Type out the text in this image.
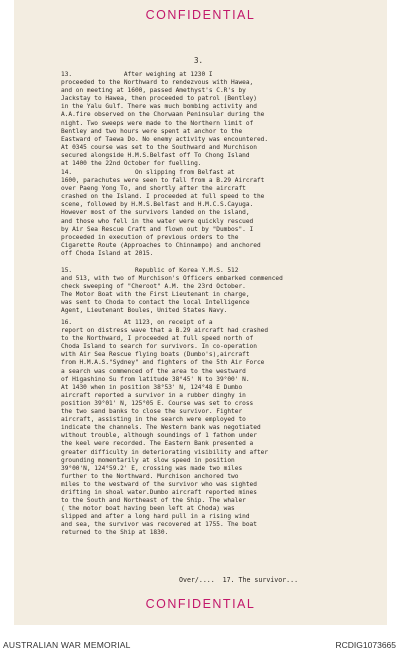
CONFIDENTIAL
3.

13.              After weighing at 1230 I
proceeded to the Northward to rendezvous with Hawea,
and on meeting at 1600, passed Amethyst's C.R's by
Jackstay to Hawea, then proceeded to patrol (Bentley)
in the Yalu Gulf. There was much bombing activity and
A.A.fire observed on the Chorwaan Peninsular during the
night. Two sweeps were made to the Northern limit of
Bentley and two hours were spent at anchor to the
Eastward of Taewa Do. No enemy activity was encountered.
At 0345 course was set to the Southward and Murchison
secured alongside H.M.S.Belfast off To Chong Island
at 1400 the 22nd October for fuelling.

14.                 On slipping from Belfast at
1600, parachutes were seen to fall from a B.29 Aircraft
over Paeng Yong To, and shortly after the aircraft
crashed on the Island. I proceeded at full speed to the
scene, followed by H.M.S.Belfast and H.M.C.S.Cayuga.
However most of the survivors landed on the island,
and those who fell in the water were quickly rescued
by Air Sea Rescue Craft and flown out by "Dumbos". I
proceeded in execution of previous orders to the
Cigarette Route (Approaches to Chinnampo) and anchored
off Choda Island at 2015.

15.                 Republic of Korea Y.M.S. 512
and 513, with two of Murchison's Officers embarked commenced
check sweeping of "Cheroot" A.M. the 23rd October.
The Motor Boat with the First Lieutenant in charge,
was sent to Choda to contact the local Intelligence
Agent, Lieutenant Boules, United States Navy.

16.              At 1123, on receipt of a
report on distress wave that a B.29 aircraft had crashed
to the Northward, I proceeded at full speed north of
Choda Island to search for survivors. In co-operation
with Air Sea Rescue flying boats (Dumbo's),aircraft
from H.M.A.S."Sydney" and fighters of the 5th Air Force
a search was commenced of the area to the westward
of Higashino Su from latitude 38°45' N to 39°00' N.
At 1430 when in position 38°53' N, 124°48 E Dumbo
aircraft reported a survivor in a rubber dinghy in
position 39°01' N, 125°05 E. Course was set to cross
the two sand banks to close the survivor. Fighter
aircraft, assisting in the search were employed to
indicate the channels. The Western bank was negotiated
without trouble, although soundings of 1 fathom under
the keel were recorded. The Eastern Bank presented a
greater difficulty in deteriorating visibility and after
grounding momentarily at slow speed in position
39°00'N, 124°59.2' E, crossing was made two miles
further to the Northward. Murchison anchored two
miles to the westward of the survivor who was sighted
drifting in shoal water.Dumbo aircraft reported mines
to the South and Northeast of the Ship. The whaler
( the motor boat having been left at Choda) was
slipped and after a long hard pull in a rising wind
and sea, the survivor was recovered at 1755. The boat
returned to the Ship at 1830.

Over/....  17. The survivor...
CONFIDENTIAL
AUSTRALIAN WAR MEMORIAL	RCDIG1073665
